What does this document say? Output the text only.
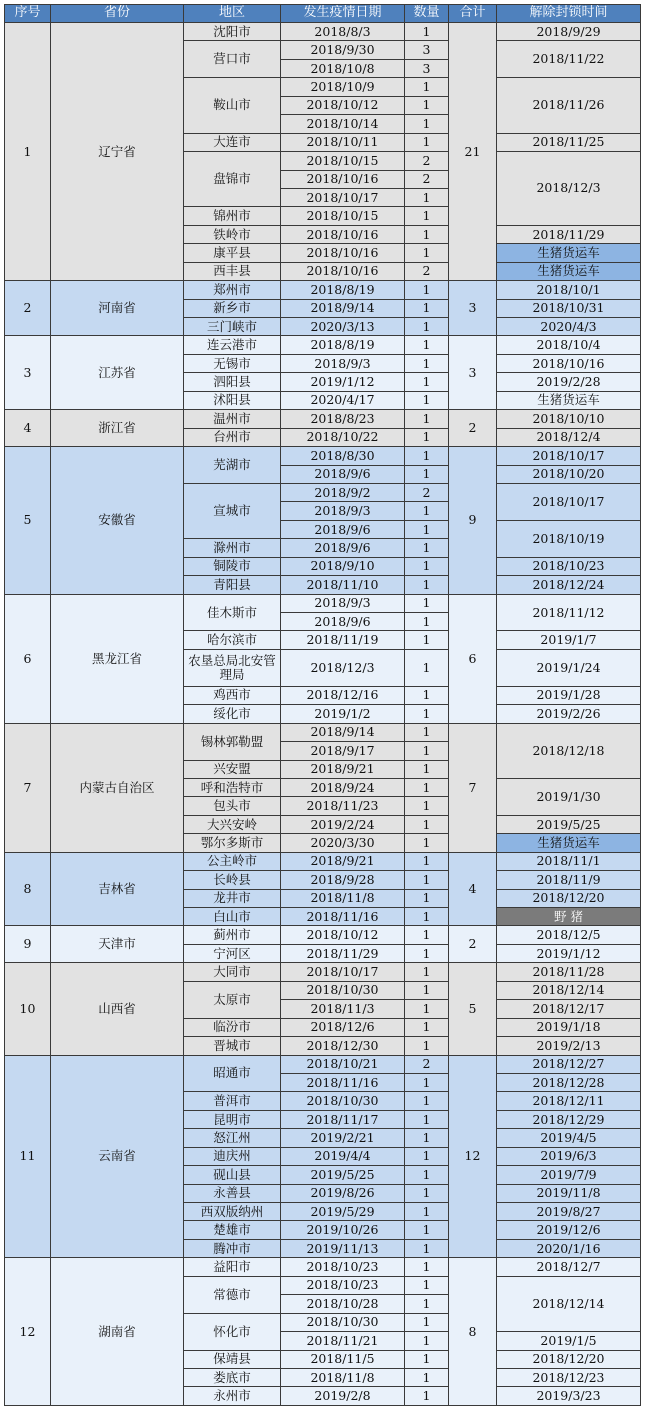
序号	省份	地区	发生疫情日期	数量	合计	解除封锁时间
1	辽宁省	沈阳市	2018/8/3	1	21	2018/9/29
		营口市	2018/9/30	3		2018/11/22
			2018/10/8	3		
		鞍山市	2018/10/9	1		2018/11/26
			2018/10/12	1		
			2018/10/14	1		
		大连市	2018/10/11	1		2018/11/25
		盘锦市	2018/10/15	2		2018/12/3
			2018/10/16	2		
			2018/10/17	1		
		锦州市	2018/10/15	1		
		铁岭市	2018/10/16	1		2018/11/29
		康平县	2018/10/16	1		生猪货运车
		西丰县	2018/10/16	2		生猪货运车
2	河南省	郑州市	2018/8/19	1	3	2018/10/1
		新乡市	2018/9/14	1		2018/10/31
		三门峡市	2020/3/13	1		2020/4/3
3	江苏省	连云港市	2018/8/19	1	3	2018/10/4
		无锡市	2018/9/3	1		2018/10/16
		泗阳县	2019/1/12	1		2019/2/28
		沭阳县	2020/4/17	1		生猪货运车
4	浙江省	温州市	2018/8/23	1	2	2018/10/10
		台州市	2018/10/22	1		2018/12/4
5	安徽省	芜湖市	2018/8/30	1	9	2018/10/17
			2018/9/6	1		2018/10/20
		宣城市	2018/9/2	2		2018/10/17
			2018/9/3	1		
			2018/9/6	1		2018/10/19
		滁州市	2018/9/6	1		
		铜陵市	2018/9/10	1		2018/10/23
		青阳县	2018/11/10	1		2018/12/24
6	黑龙江省	佳木斯市	2018/9/3	1	6	2018/11/12
			2018/9/6	1		
		哈尔滨市	2018/11/19	1		2019/1/7
		农垦总局北安管理局	2018/12/3	1		2019/1/24
		鸡西市	2018/12/16	1		2019/1/28
		绥化市	2019/1/2	1		2019/2/26
7	内蒙古自治区	锡林郭勒盟	2018/9/14	1	7	2018/12/18
			2018/9/17	1		
		兴安盟	2018/9/21	1		
		呼和浩特市	2018/9/24	1		2019/1/30
		包头市	2018/11/23	1		
		大兴安岭	2019/2/24	1		2019/5/25
		鄂尔多斯市	2020/3/30	1		生猪货运车
8	吉林省	公主岭市	2018/9/21	1	4	2018/11/1
		长岭县	2018/9/28	1		2018/11/9
		龙井市	2018/11/8	1		2018/12/20
		白山市	2018/11/16	1		野 猪
9	天津市	蓟州市	2018/10/12	1	2	2018/12/5
		宁河区	2018/11/29	1		2019/1/12
10	山西省	大同市	2018/10/17	1	5	2018/11/28
		太原市	2018/10/30	1		2018/12/14
			2018/11/3	1		2018/12/17
		临汾市	2018/12/6	1		2019/1/18
		晋城市	2018/12/30	1		2019/2/13
11	云南省	昭通市	2018/10/21	2	12	2018/12/27
			2018/11/16	1		2018/12/28
		普洱市	2018/10/30	1		2018/12/11
		昆明市	2018/11/17	1		2018/12/29
		怒江州	2019/2/21	1		2019/4/5
		迪庆州	2019/4/4	1		2019/6/3
		砚山县	2019/5/25	1		2019/7/9
		永善县	2019/8/26	1		2019/11/8
		西双版纳州	2019/5/29	1		2019/8/27
		楚雄市	2019/10/26	1		2019/12/6
		腾冲市	2019/11/13	1		2020/1/16
12	湖南省	益阳市	2018/10/23	1	8	2018/12/7
		常德市	2018/10/23	1		2018/12/14
			2018/10/28	1		
		怀化市	2018/10/30	1		
			2018/11/21	1		2019/1/5
		保靖县	2018/11/5	1		2018/12/20
		娄底市	2018/11/8	1		2018/12/23
		永州市	2019/2/8	1		2019/3/23
